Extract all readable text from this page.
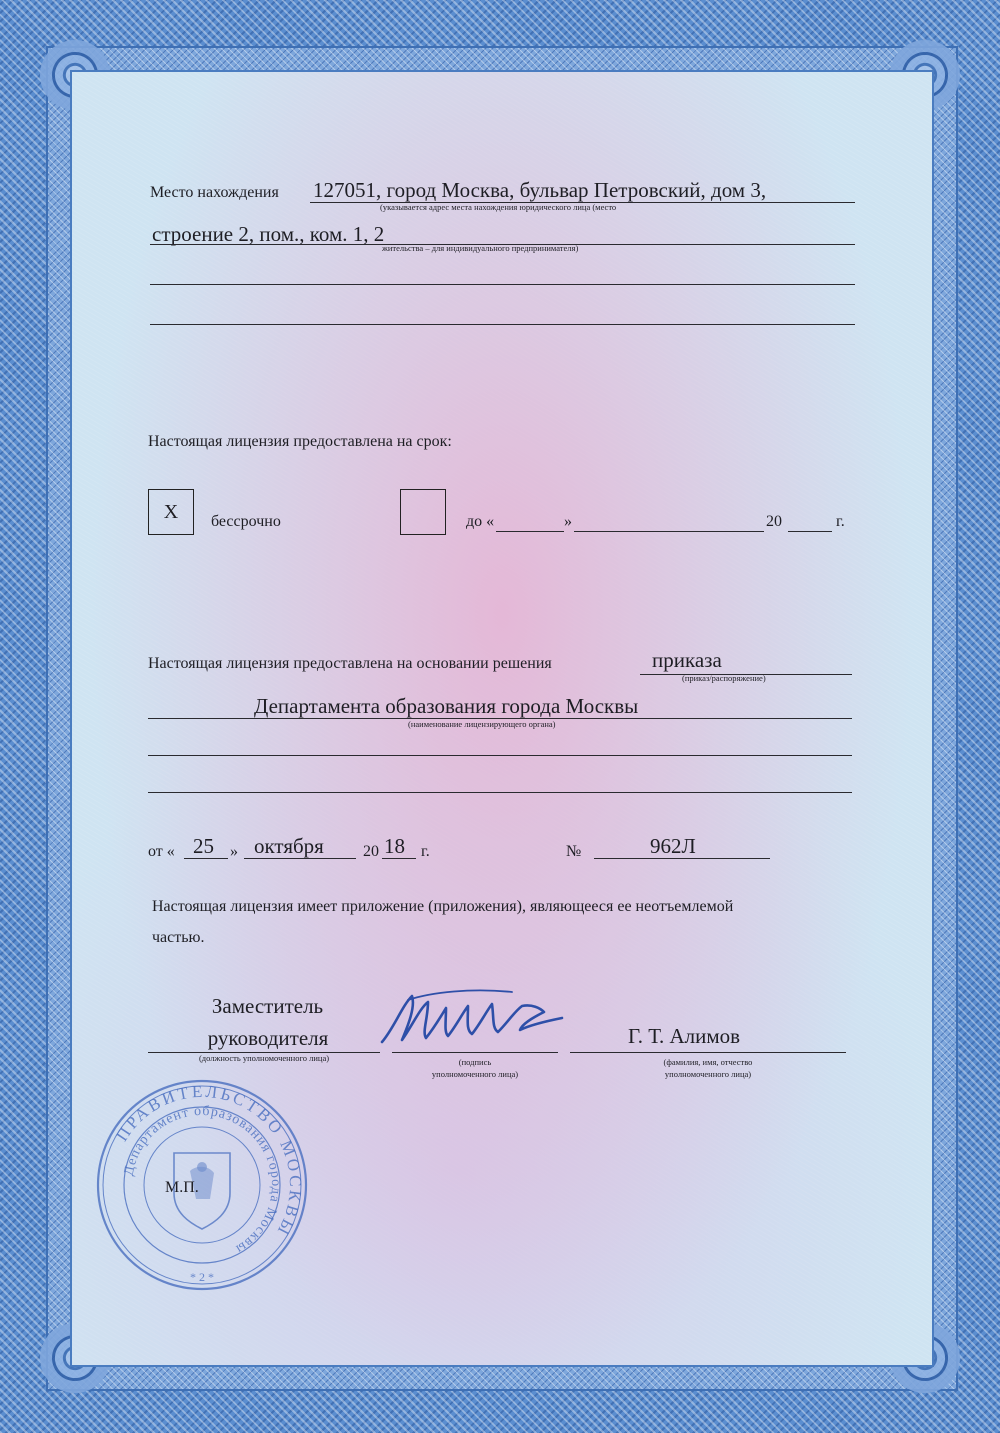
Место нахождения 127051, город Москва, бульвар Петровский, дом 3,
(указывается адрес места нахождения юридического лица (место
строение 2, пом., ком. 1, 2
жительства – для индивидуального предпринимателя)
Настоящая лицензия предоставлена на срок:
X	бессрочно	до «	»	20	г.
Настоящая лицензия предоставлена на основании решения	приказа
(приказ/распоряжение)
Департамента образования города Москвы
(наименование лицензирующего органа)
от « 25 » октября 20 18 г.	№	962Л
Настоящая лицензия имеет приложение (приложения), являющееся ее неотъемлемой
частью.
Заместитель
руководителя
(должность уполномоченного лица)	(подпись
уполномоченного лица)
Г. Т. Алимов
(фамилия, имя, отчество
уполномоченного лица)
ПРАВИТЕЛЬСТВО МОСКВЫ
Департамент образования города Москвы
* 2 *
М.П.
